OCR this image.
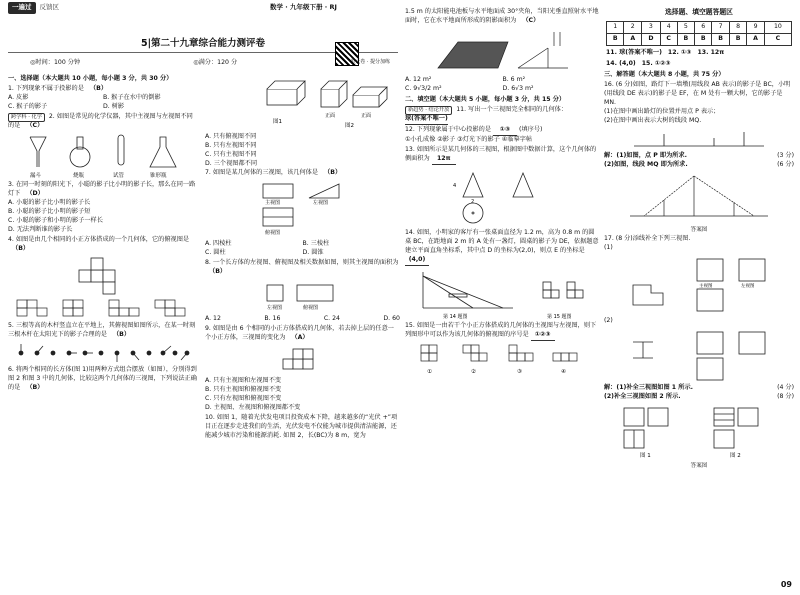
一遍过	反馈区	数学 · 九年级下册 · RJ
5|第二十九章综合能力测评卷
◎时间：100 分钟	◎满分：120 分	单元卷 · 提分加练
一、选择题（本大题共 10 小题，每小题 3 分，共 30 分）
1. 下列现象不属于投影的是 （B）
A. 皮影	B. 猴子在水中的倒影
C. 猴子的影子	D. 树影
跨学科 · 化学 2. 如图是常见的化学仪器，其中主视图与左视图不同的是 （C）
漏斗	烧瓶	试管	锥形瓶
3. 在同一时刻的阳光下，小聪的影子比小明的影子长，那么在同一路灯下 （D）
A. 小聪的影子比小明的影子长
B. 小聪的影子比小明的影子短
C. 小聪的影子和小明的影子一样长
D. 无法判断谁的影子长
4. 如图是由几个相同的小正方体搭成的一个几何体，它的俯视图是 （B）
5. 三根等高的木杆竖直立在平地上，其俯视图如图所示，在某一时刻三根木杆在太阳光下的影子合理的是 （B）
6. 将两个相同的长方体(图 1)用两种方式组合摆放（如图），分别得到图 2 和图 3 中的几何体，比较这两个几何体的三视图，下列说法正确的是 （B）
图1
正面	正面
图2
A. 只有俯视图不同
B. 只有左视图不同
C. 只有主视图不同
D. 三个视图都不同
7. 如图是某几何体的三视图，该几何体是 （B）
主视图	左视图
俯视图
A. 四棱柱	B. 三棱柱
C. 圆柱	D. 圆锥
8. 一个长方体的左视图、俯视图及相关数据如图，则其主视图的面积为 （B）
左视图	俯视图
A. 12	B. 16	C. 24	D. 60
9. 如图是由 6 个相同的小正方体搭成的几何体，若去掉上层的任意一个小正方体，三视图的变化为 （A）
A. 只有主视图和左视图不变
B. 只有主视图和俯视图不变
C. 只有左视图和俯视图不变
D. 主视图、左视图和俯视图都不变
10. 如图 1，随着光伏发电项目投资成本下降，越来越多的“光伏 +”项目正在逐步走进我们的生活，光伏发电不仅能为城市提供清洁能源，还能减少城市污染和能源消耗. 如图 2，长(BC)为 8 m，宽为
1.5 m 的太阳能电池板与水平地面成 30°夹角，当阳光垂直照射水平地面时，它在水平地面所形成的阴影面积为 （C）
A. 12 m²	B. 6 m²
C. 9√3/2 m²	D. 6√3 m²
二、填空题（本大题共 5 小题，每小题 3 分，共 15 分）
新趋势 · 结论开放 11. 写出一个三视图完全相同的几何体： 球(答案不唯一)
12. 下列现象属于中心投影的是 ①③ (填序号)
①小孔成像 ②影子 ③灯光下的影子 ④临摹字帖
13. 如图所示是某几何体的三视图，根据图中数据计算，这个几何体的侧面积为 12π
4
2
14. 如图，小明家的客厅有一张桌面直径为 1.2 m，高为 0.8 m 的圆桌 BC，在距地面 2 m 的 A 处有一盏灯，圆桌的影子为 DE，依据题意建立平面直角坐标系，其中点 D 的坐标为(2,0)，则点 E 的坐标是 (4,0)
第 14 题图	第 15 题图
15. 如图是一由若干个小正方体搭成的几何体的主视图与左视图，则下列图形中可以作为该几何体的俯视图的序号是 ①②③
①	②	③	④
选择题、填空题答题区
1	2	3	4	5	6	7	8	9	10
B	A	D	C	B	B	B	B	A	C
11. 球(答案不唯一) 12. ①③ 13. 12π
14. (4,0) 15. ①②③
三、解答题（本大题共 8 小题，共 75 分）
16. (6 分)如图，路灯下一墙墩(用线段 AB 表示)的影子是 BC，小明(用线段 DE 表示)的影子是 EF，在 M 处有一颗大树，它的影子是 MN.
(1)在图中画出路灯的位置并用点 P 表示；
(2)在图中画出表示大树的线段 MQ.
解：(1)如图，点 P 即为所求.	(3 分)
(2)如图，线段 MQ 即为所求.	(6 分)
答案图
17. (8 分)添线补全下列三视图.
(1)
主视图	左视图
(2)
解：(1)补全三视图如图 1 所示.	(4 分)
(2)补全三视图如图 2 所示.	(8 分)
图 1	图 2
答案图
09
